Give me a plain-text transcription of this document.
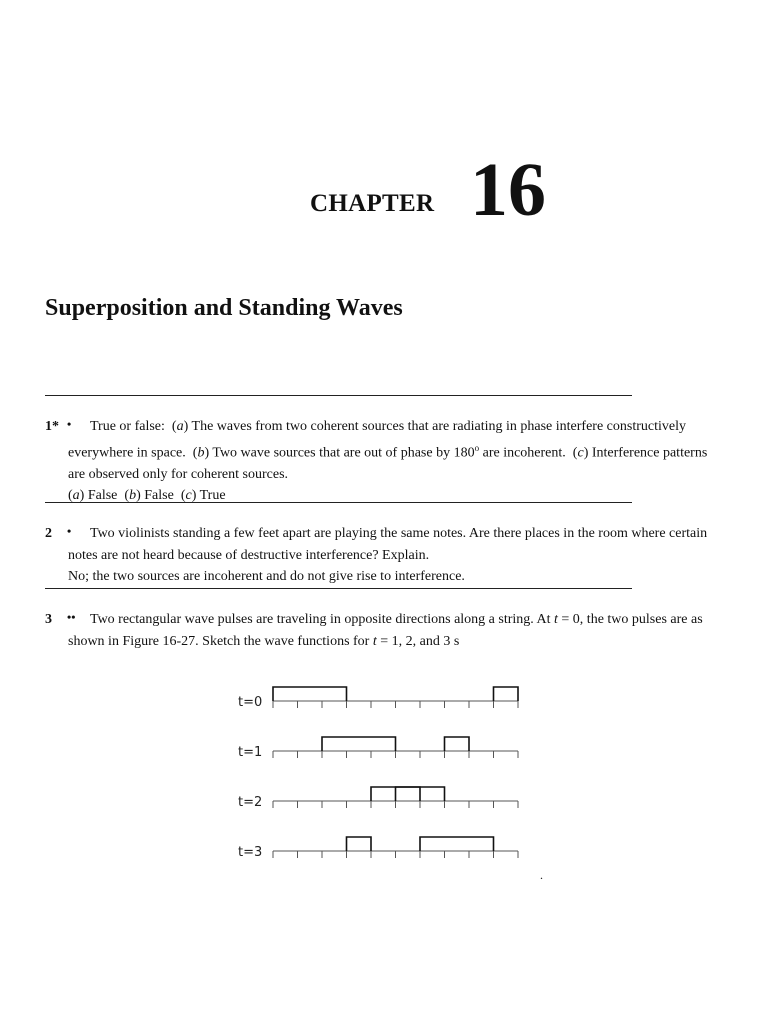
CHAPTER 16
Superposition and Standing Waves
1* •	True or false:  (a) The waves from two coherent sources that are radiating in phase interfere constructively everywhere in space.  (b) Two wave sources that are out of phase by 180$^o$ are incoherent.  (c) Interference patterns are observed only for coherent sources.
(a) False  (b) False  (c) True
2 •	Two violinists standing a few feet apart are playing the same notes. Are there places in the room where certain notes are not heard because of destructive interference? Explain.
No; the two sources are incoherent and do not give rise to interference.
3 ••	Two rectangular wave pulses are traveling in opposite directions along a string. At t = 0, the two pulses are as shown in Figure 16-27. Sketch the wave functions for t = 1, 2, and 3 s
t=0
t=1
t=2
t=3
.
